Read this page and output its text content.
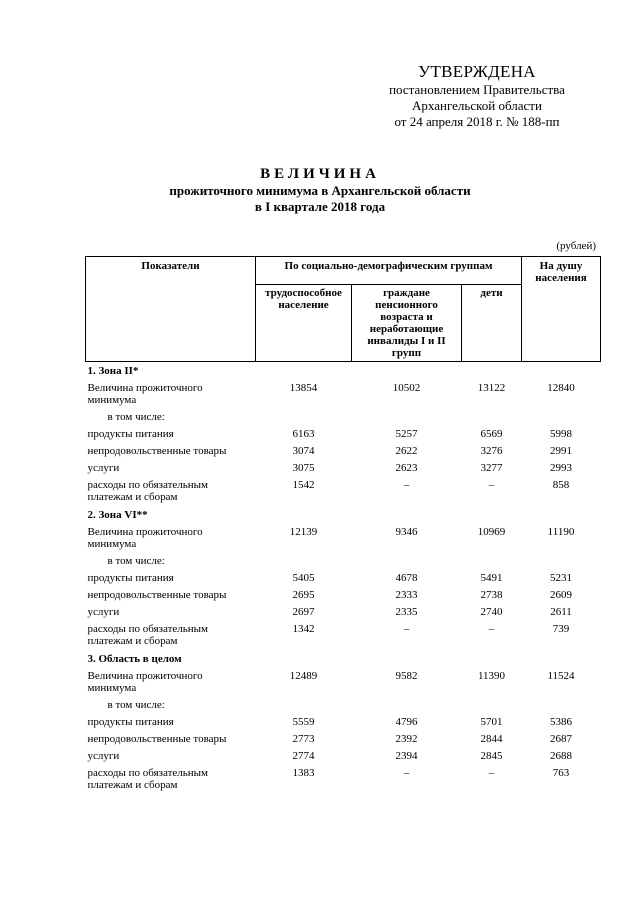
УТВЕРЖДЕНА
постановлением Правительства
Архангельской области
от 24 апреля 2018 г. № 188-пп
ВЕЛИЧИНА
прожиточного минимума в Архангельской области
в I квартале 2018 года
(рублей)
Показатели	По социально-демографическим группам			На душу населения
	трудоспособное население	граждане пенсионного возраста и неработающие инвалиды I и II групп	дети	
1. Зона II*				
Величина прожиточного минимума	13854	10502	13122	12840
в том числе:				
продукты питания	6163	5257	6569	5998
непродовольственные товары	3074	2622	3276	2991
услуги	3075	2623	3277	2993
расходы по обязательным платежам и сборам	1542	–	–	858
2. Зона VI**				
Величина прожиточного минимума	12139	9346	10969	11190
в том числе:				
продукты питания	5405	4678	5491	5231
непродовольственные товары	2695	2333	2738	2609
услуги	2697	2335	2740	2611
расходы по обязательным платежам и сборам	1342	–	–	739
3. Область в целом				
Величина прожиточного минимума	12489	9582	11390	11524
в том числе:				
продукты питания	5559	4796	5701	5386
непродовольственные товары	2773	2392	2844	2687
услуги	2774	2394	2845	2688
расходы по обязательным платежам и сборам	1383	–	–	763
